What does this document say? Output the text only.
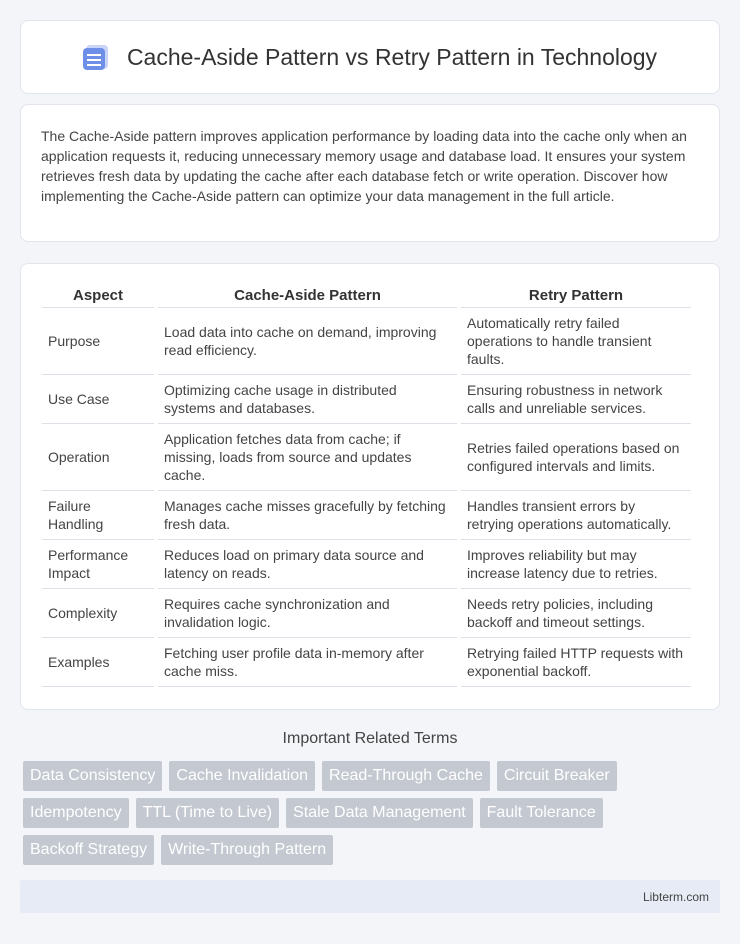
Cache-Aside Pattern vs Retry Pattern in Technology

The Cache-Aside pattern improves application performance by loading data into the cache only when an application requests it, reducing unnecessary memory usage and database load. It ensures your system retrieves fresh data by updating the cache after each database fetch or write operation. Discover how implementing the Cache-Aside pattern can optimize your data management in the full article.

Aspect	Cache-Aside Pattern	Retry Pattern
Purpose	Load data into cache on demand, improving read efficiency.	Automatically retry failed operations to handle transient faults.
Use Case	Optimizing cache usage in distributed systems and databases.	Ensuring robustness in network calls and unreliable services.
Operation	Application fetches data from cache; if missing, loads from source and updates cache.	Retries failed operations based on configured intervals and limits.
Failure Handling	Manages cache misses gracefully by fetching fresh data.	Handles transient errors by retrying operations automatically.
Performance Impact	Reduces load on primary data source and latency on reads.	Improves reliability but may increase latency due to retries.
Complexity	Requires cache synchronization and invalidation logic.	Needs retry policies, including backoff and timeout settings.
Examples	Fetching user profile data in-memory after cache miss.	Retrying failed HTTP requests with exponential backoff.
Important Related Terms
Data Consistency	Cache Invalidation	Read-Through Cache	Circuit Breaker
Idempotency	TTL (Time to Live)	Stale Data Management	Fault Tolerance
Backoff Strategy	Write-Through Pattern
Libterm.com
